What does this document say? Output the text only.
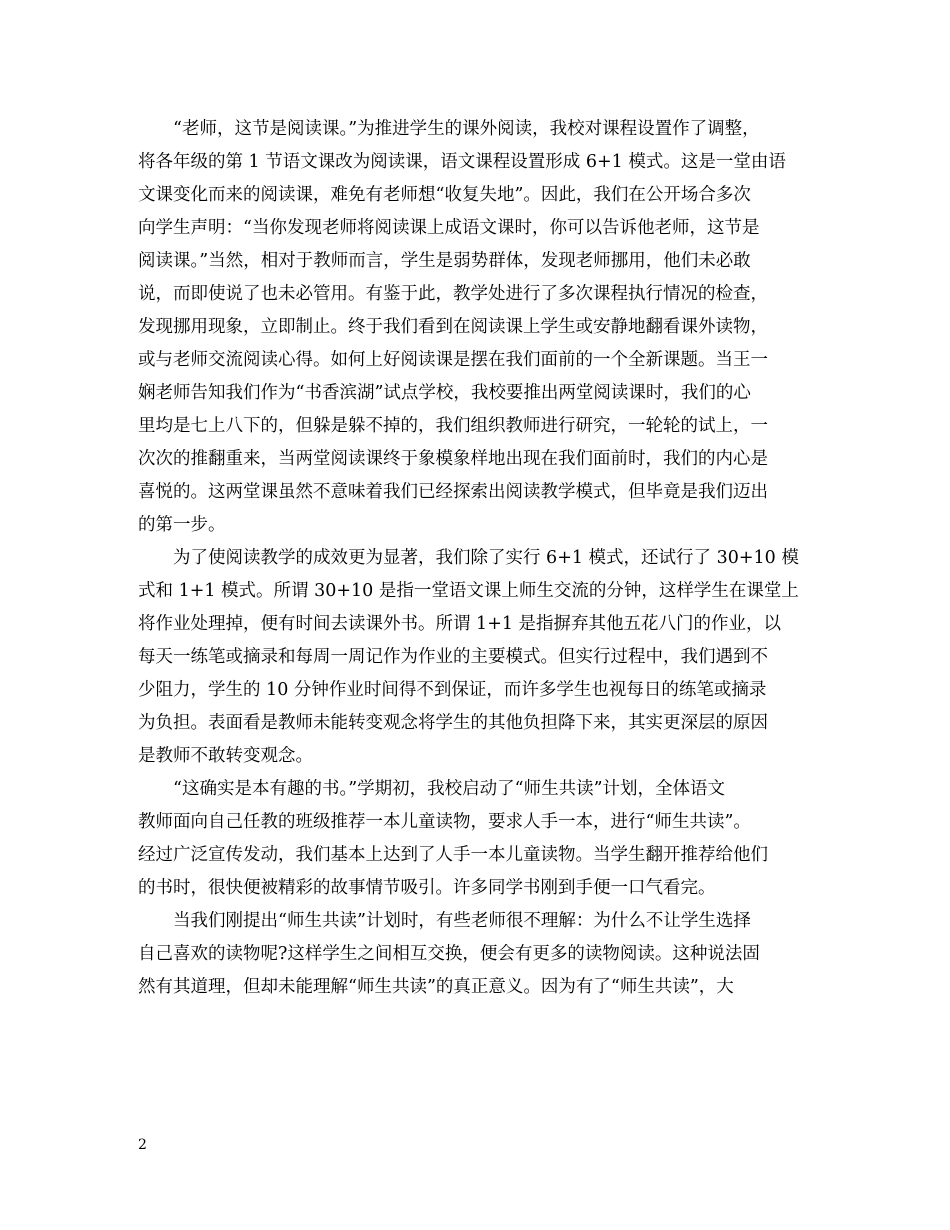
“老师，这节是阅读课。”为推进学生的课外阅读，我校对课程设置作了调整，
将各年级的第 1 节语文课改为阅读课，语文课程设置形成 6+1 模式。这是一堂由语
文课变化而来的阅读课，难免有老师想“收复失地”。因此，我们在公开场合多次
向学生声明：“当你发现老师将阅读课上成语文课时，你可以告诉他老师，这节是
阅读课。”当然，相对于教师而言，学生是弱势群体，发现老师挪用，他们未必敢
说，而即使说了也未必管用。有鉴于此，教学处进行了多次课程执行情况的检查，
发现挪用现象，立即制止。终于我们看到在阅读课上学生或安静地翻看课外读物，
或与老师交流阅读心得。如何上好阅读课是摆在我们面前的一个全新课题。当王一
娴老师告知我们作为“书香滨湖”试点学校，我校要推出两堂阅读课时，我们的心
里均是七上八下的，但躲是躲不掉的，我们组织教师进行研究，一轮轮的试上，一
次次的推翻重来，当两堂阅读课终于象模象样地出现在我们面前时，我们的内心是
喜悦的。这两堂课虽然不意味着我们已经探索出阅读教学模式，但毕竟是我们迈出
的第一步。
为了使阅读教学的成效更为显著，我们除了实行 6+1 模式，还试行了 30+10 模
式和 1+1 模式。所谓 30+10 是指一堂语文课上师生交流的分钟，这样学生在课堂上
将作业处理掉，便有时间去读课外书。所谓 1+1 是指摒弃其他五花八门的作业，以
每天一练笔或摘录和每周一周记作为作业的主要模式。但实行过程中，我们遇到不
少阻力，学生的 10 分钟作业时间得不到保证，而许多学生也视每日的练笔或摘录
为负担。表面看是教师未能转变观念将学生的其他负担降下来，其实更深层的原因
是教师不敢转变观念。
“这确实是本有趣的书。”学期初，我校启动了“师生共读”计划，全体语文
教师面向自己任教的班级推荐一本儿童读物，要求人手一本，进行“师生共读”。
经过广泛宣传发动，我们基本上达到了人手一本儿童读物。当学生翻开推荐给他们
的书时，很快便被精彩的故事情节吸引。许多同学书刚到手便一口气看完。
当我们刚提出“师生共读”计划时，有些老师很不理解：为什么不让学生选择
自己喜欢的读物呢?这样学生之间相互交换，便会有更多的读物阅读。这种说法固
然有其道理，但却未能理解“师生共读”的真正意义。因为有了“师生共读”，大
2
